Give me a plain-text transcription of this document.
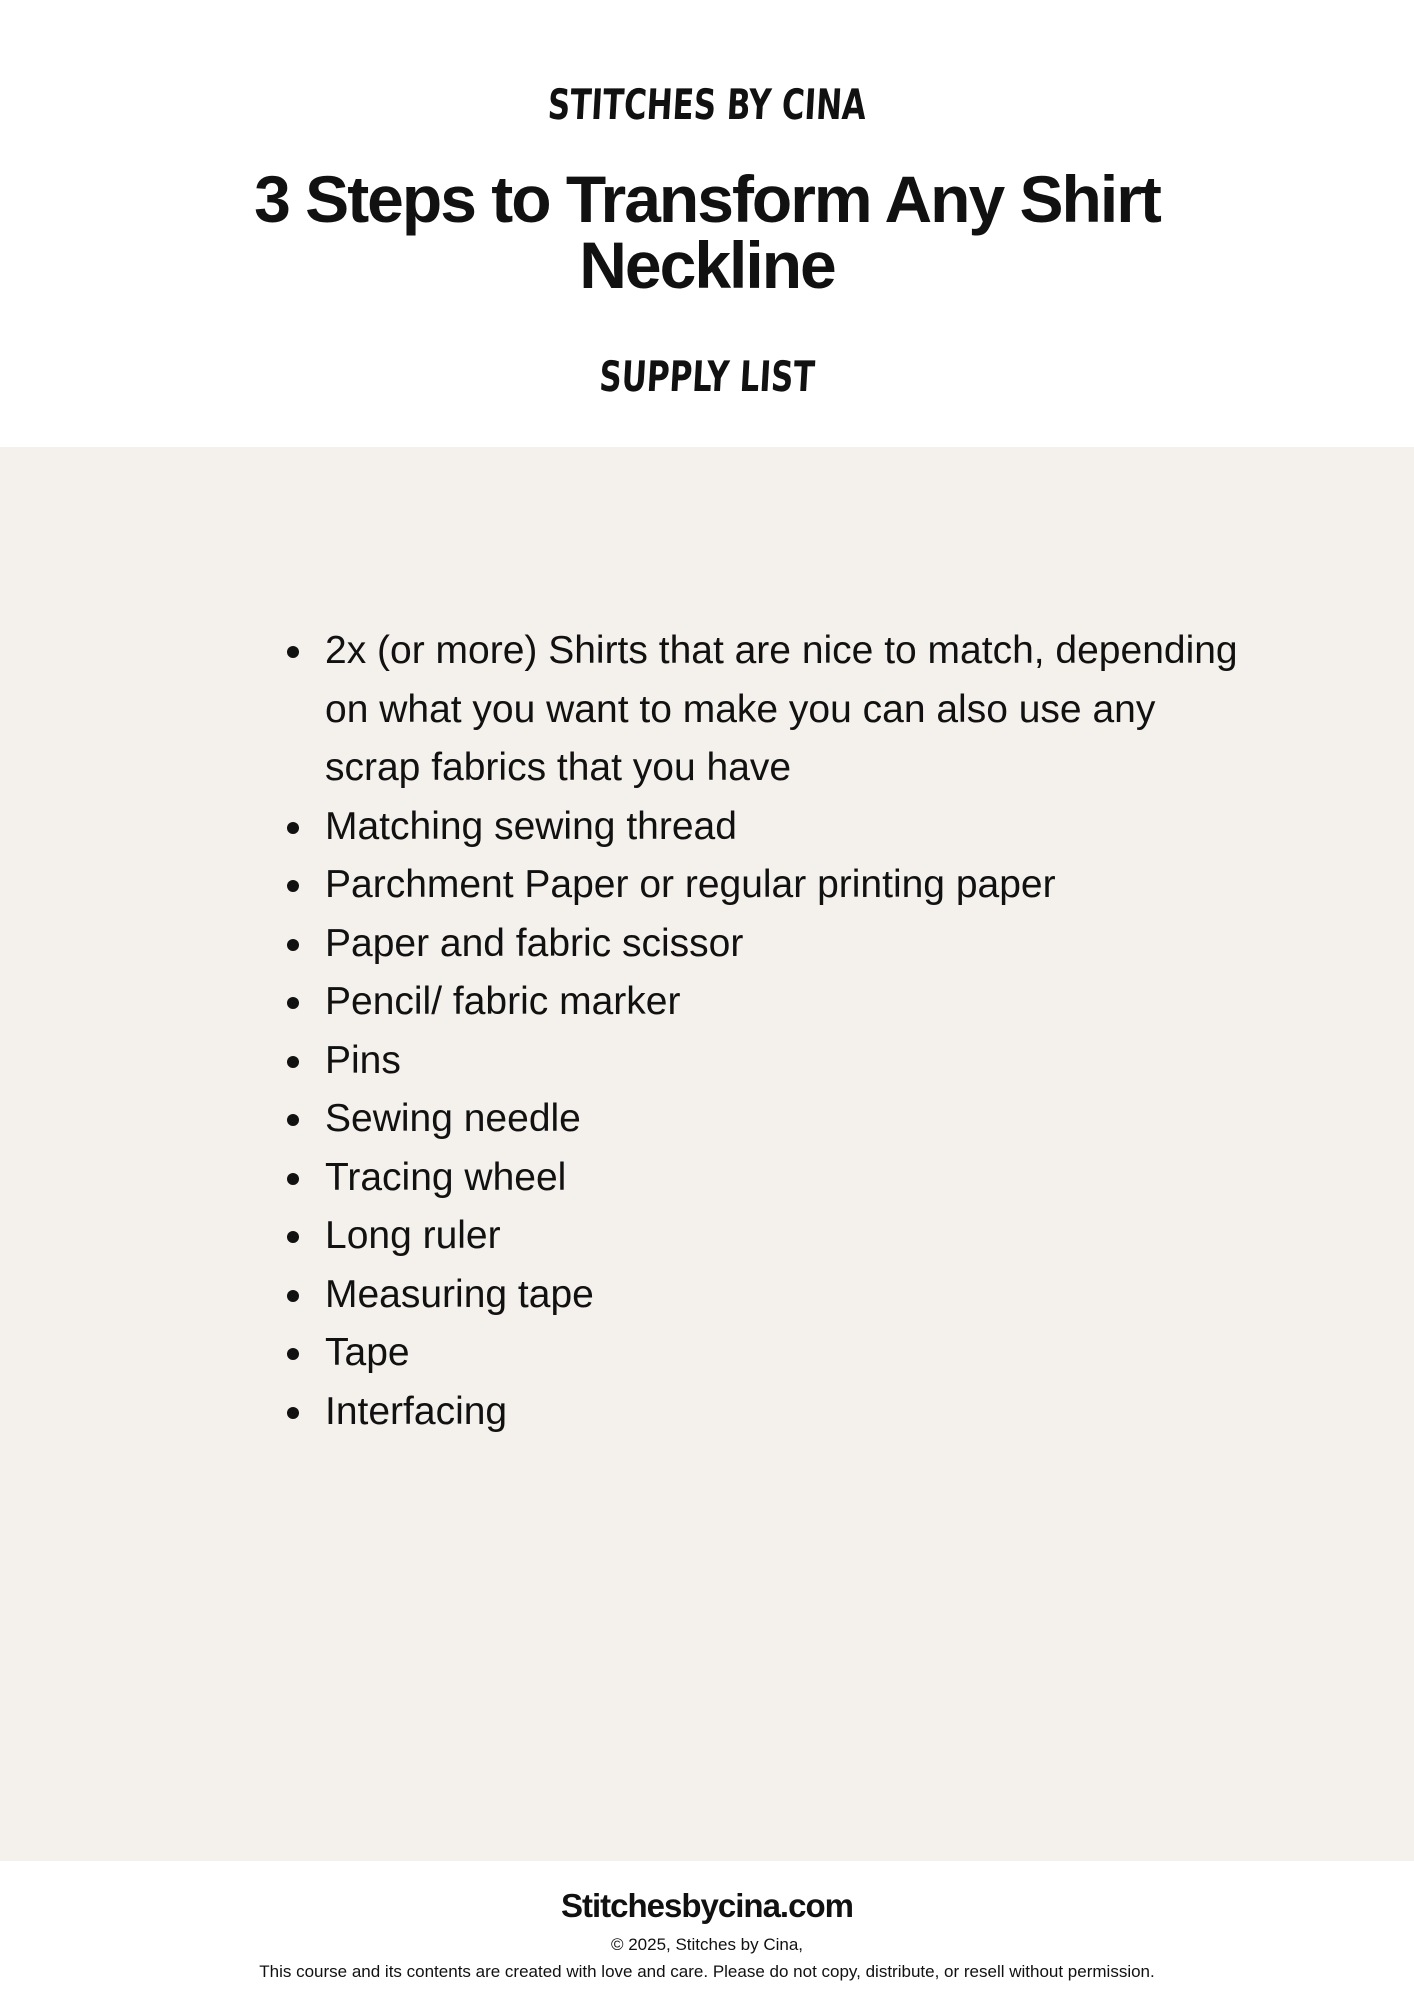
STITCHES BY CINA
3 Steps to Transform Any Shirt
Neckline
SUPPLY LIST
2x (or more) Shirts that are nice to match, depending on what you want to make you can also use any scrap fabrics that you have
Matching sewing thread
Parchment Paper or regular printing paper
Paper and fabric scissor
Pencil/ fabric marker
Pins
Sewing needle
Tracing wheel
Long ruler
Measuring tape
Tape
Interfacing
Stitchesbycina.com
© 2025, Stitches by Cina,
This course and its contents are created with love and care. Please do not copy, distribute, or resell without permission.
